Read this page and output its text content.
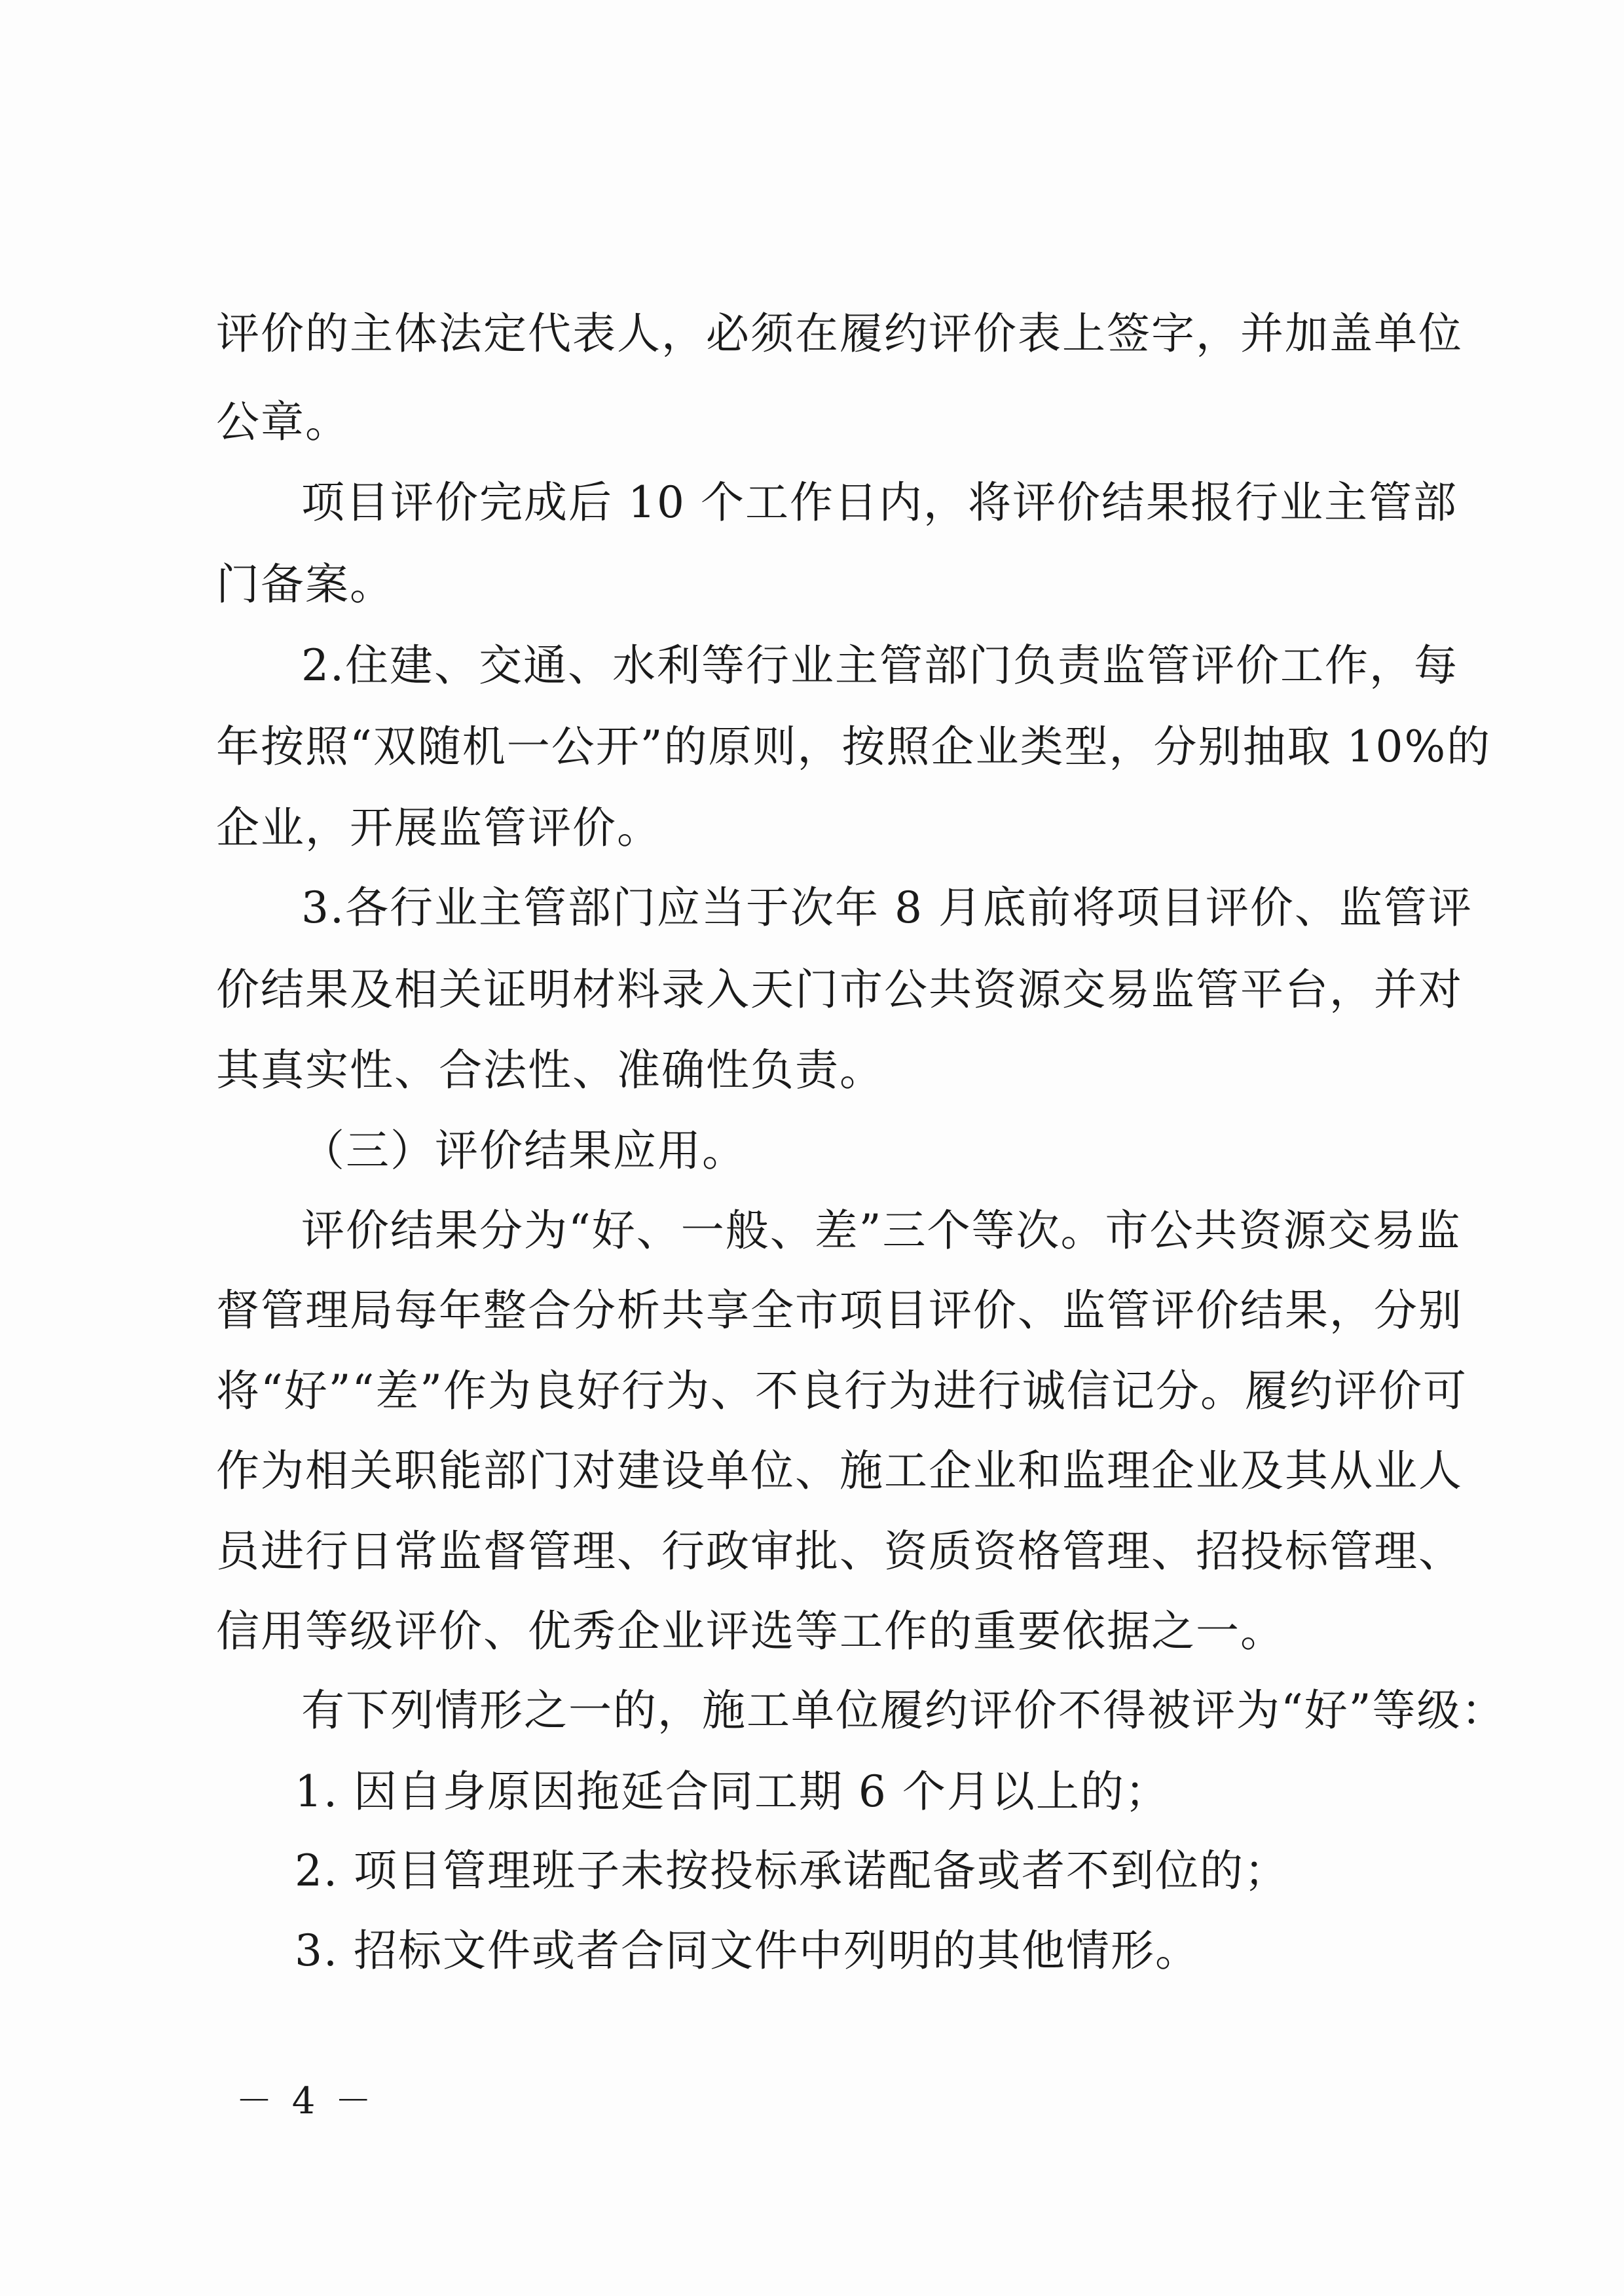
评价的主体法定代表人，必须在履约评价表上签字，并加盖单位
公章。
项目评价完成后 10 个工作日内，将评价结果报行业主管部
门备案。
2.住建、交通、水利等行业主管部门负责监管评价工作，每
年按照“双随机一公开”的原则，按照企业类型，分别抽取 10%的
企业，开展监管评价。
3.各行业主管部门应当于次年 8 月底前将项目评价、监管评
价结果及相关证明材料录入天门市公共资源交易监管平台，并对
其真实性、合法性、准确性负责。
（三）评价结果应用。
评价结果分为“好、一般、差”三个等次。市公共资源交易监
督管理局每年整合分析共享全市项目评价、监管评价结果，分别
将“好”“差”作为良好行为、不良行为进行诚信记分。履约评价可
作为相关职能部门对建设单位、施工企业和监理企业及其从业人
员进行日常监督管理、行政审批、资质资格管理、招投标管理、
信用等级评价、优秀企业评选等工作的重要依据之一。
有下列情形之一的，施工单位履约评价不得被评为“好”等级：
1. 因自身原因拖延合同工期 6 个月以上的；
2. 项目管理班子未按投标承诺配备或者不到位的；
3. 招标文件或者合同文件中列明的其他情形。
－ 4 －
